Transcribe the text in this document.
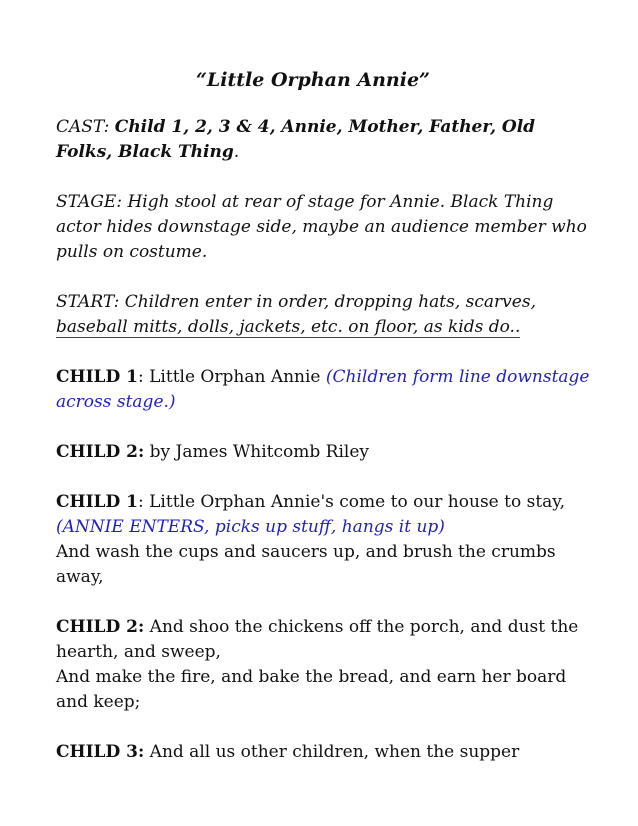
“Little Orphan Annie”
CAST: Child 1, 2, 3 & 4, Annie, Mother, Father, Old Folks, Black Thing.
STAGE: High stool at rear of stage for Annie. Black Thing actor hides downstage side, maybe an audience member who pulls on costume.
START: Children enter in order, dropping hats, scarves,
baseball mitts, dolls, jackets, etc. on floor, as kids do..
CHILD 1: Little Orphan Annie (Children form line downstage across stage.)
CHILD 2: by James Whitcomb Riley
CHILD 1: Little Orphan Annie's come to our house to stay, (ANNIE ENTERS, picks up stuff, hangs it up)
And wash the cups and saucers up, and brush the crumbs away,
CHILD 2: And shoo the chickens off the porch, and dust the hearth, and sweep,
And make the fire, and bake the bread, and earn her board and keep;
CHILD 3: And all us other children, when the supper
